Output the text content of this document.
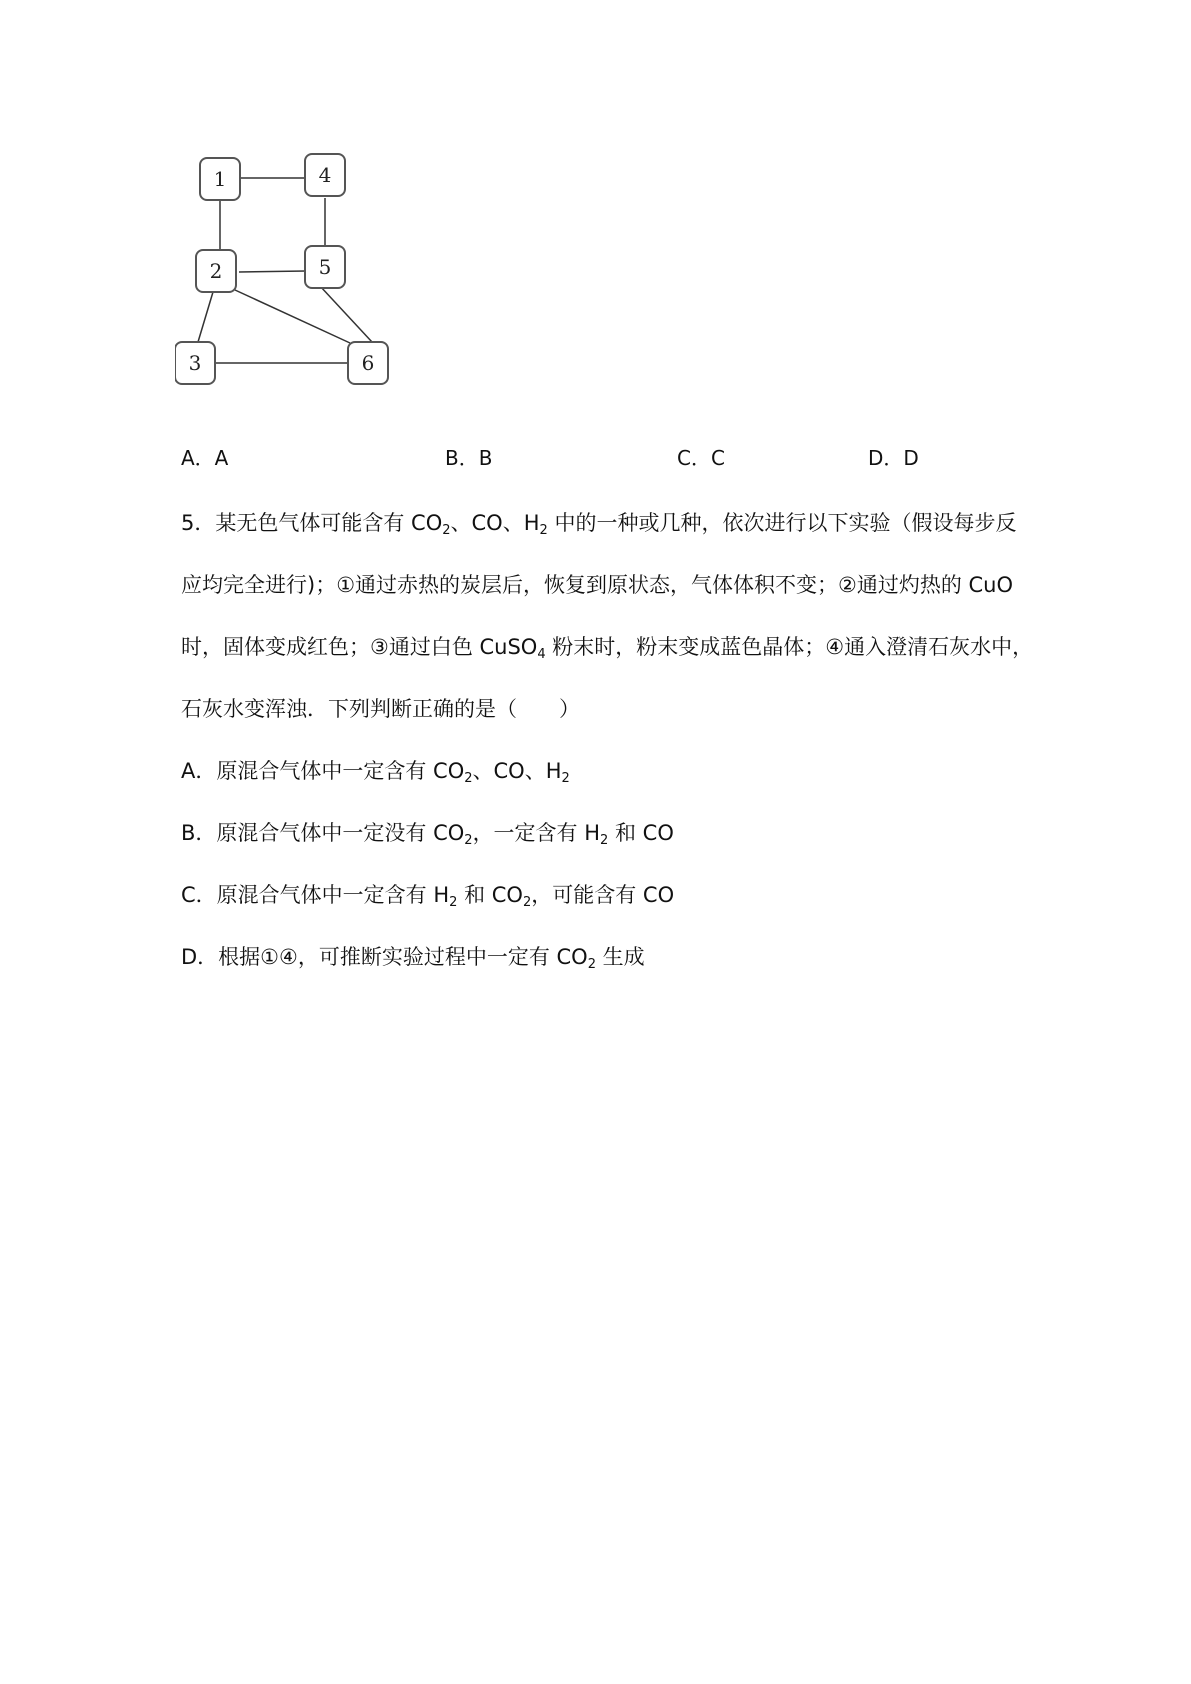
1	4
2	5
3	6
A．A	B．B	C．C	D．D
5．某无色气体可能含有 $CO_2$、CO、$H_2$ 中的一种或几种，依次进行以下实验（假设每步反
应均完全进行)；①通过赤热的炭层后，恢复到原状态，气体体积不变；②通过灼热的 CuO
时，固体变成红色；③通过白色 CuSO$_4$ 粉末时，粉末变成蓝色晶体；④通入澄清石灰水中，
石灰水变浑浊．下列判断正确的是（　　）
A．原混合气体中一定含有 $CO_2$、CO、$H_2$
B．原混合气体中一定没有 $CO_2$，一定含有 $H_2$ 和 CO
C．原混合气体中一定含有 $H_2$ 和 $CO_2$，可能含有 CO
D．根据①④，可推断实验过程中一定有 $CO_2$ 生成
